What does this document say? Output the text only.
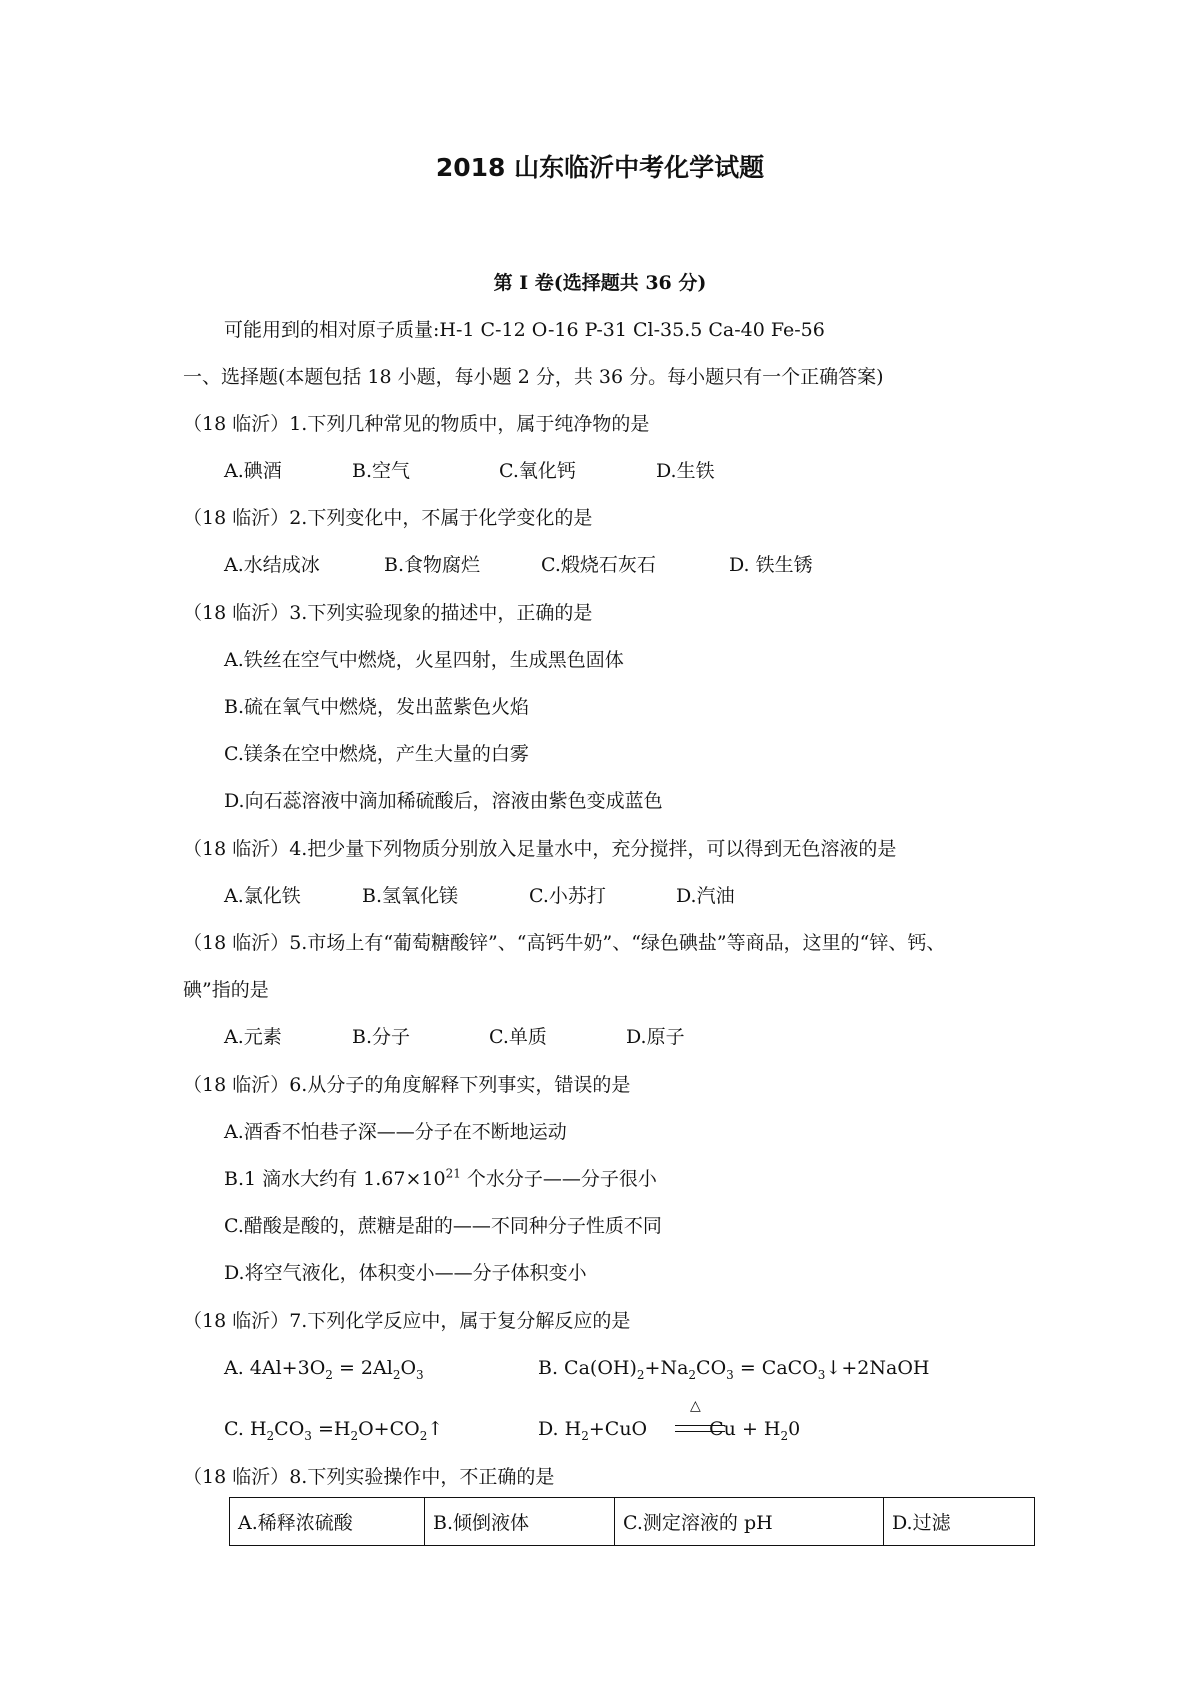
2018 山东临沂中考化学试题
第 I 卷(选择题共 36 分)
可能用到的相对原子质量:H-1 C-12 O-16 P-31 Cl-35.5 Ca-40 Fe-56
一、选择题(本题包括 18 小题，每小题 2 分，共 36 分。每小题只有一个正确答案)
（18 临沂）1.下列几种常见的物质中，属于纯净物的是
A.碘酒	B.空气	C.氧化钙	D.生铁
（18 临沂）2.下列变化中，不属于化学变化的是
A.水结成冰	B.食物腐烂	C.煅烧石灰石	D. 铁生锈
（18 临沂）3.下列实验现象的描述中，正确的是
A.铁丝在空气中燃烧，火星四射，生成黑色固体
B.硫在氧气中燃烧，发出蓝紫色火焰
C.镁条在空中燃烧，产生大量的白雾
D.向石蕊溶液中滴加稀硫酸后，溶液由紫色变成蓝色
（18 临沂）4.把少量下列物质分别放入足量水中，充分搅拌，可以得到无色溶液的是
A.氯化铁	B.氢氧化镁	C.小苏打	D.汽油
（18 临沂）5.市场上有“葡萄糖酸锌”、“高钙牛奶”、“绿色碘盐”等商品，这里的“锌、钙、
碘”指的是
A.元素	B.分子	C.单质	D.原子
（18 临沂）6.从分子的角度解释下列事实，错误的是
A.酒香不怕巷子深——分子在不断地运动
B.1 滴水大约有 $1.67\times 10^{21}$ 个水分子——分子很小
C.醋酸是酸的，蔗糖是甜的——不同种分子性质不同
D.将空气液化，体积变小——分子体积变小
（18 临沂）7.下列化学反应中，属于复分解反应的是
A. $4Al+3O_2 = 2Al_2O_3$	B. $Ca(OH)_2+Na_2CO_3$ = CaCO$_3$↓+2NaOH
C. $H_2CO_3$ $=H_2O+CO_2↑$	D. $H_2+CuO$	$Cu + H_20$
△
（18 临沂）8.下列实验操作中，不正确的是
A.稀释浓硫酸	B.倾倒液体	C.测定溶液的 pH	D.过滤
